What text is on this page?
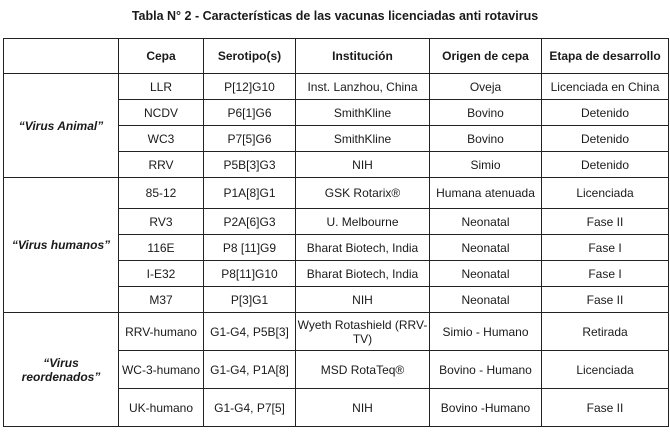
Tabla N° 2 - Características de las vacunas licenciadas anti rotavirus
	Cepa	Serotipo(s)	Institución	Origen de cepa	Etapa de desarrollo
“Virus Animal”	LLR	P[12]G10	Inst. Lanzhou, China	Oveja	Licenciada en China
	NCDV	P6[1]G6	SmithKline	Bovino	Detenido
	WC3	P7[5]G6	SmithKline	Bovino	Detenido
	RRV	P5B[3]G3	NIH	Simio	Detenido
“Virus humanos”	85-12	P1A[8]G1	GSK Rotarix®	Humana atenuada	Licenciada
	RV3	P2A[6]G3	U. Melbourne	Neonatal	Fase II
	116E	P8 [11]G9	Bharat Biotech, India	Neonatal	Fase I
	I-E32	P8[11]G10	Bharat Biotech, India	Neonatal	Fase I
	M37	P[3]G1	NIH	Neonatal	Fase II

“Virus
reordenados”	RRV-humano	G1-G4, P5B[3]	Wyeth Rotashield (RRV-TV)	Simio - Humano	Retirada
	WC-3-humano	G1-G4, P1A[8]	MSD RotaTeq®	Bovino - Humano	Licenciada
	UK-humano	G1-G4, P7[5]	NIH	Bovino -Humano	Fase II
